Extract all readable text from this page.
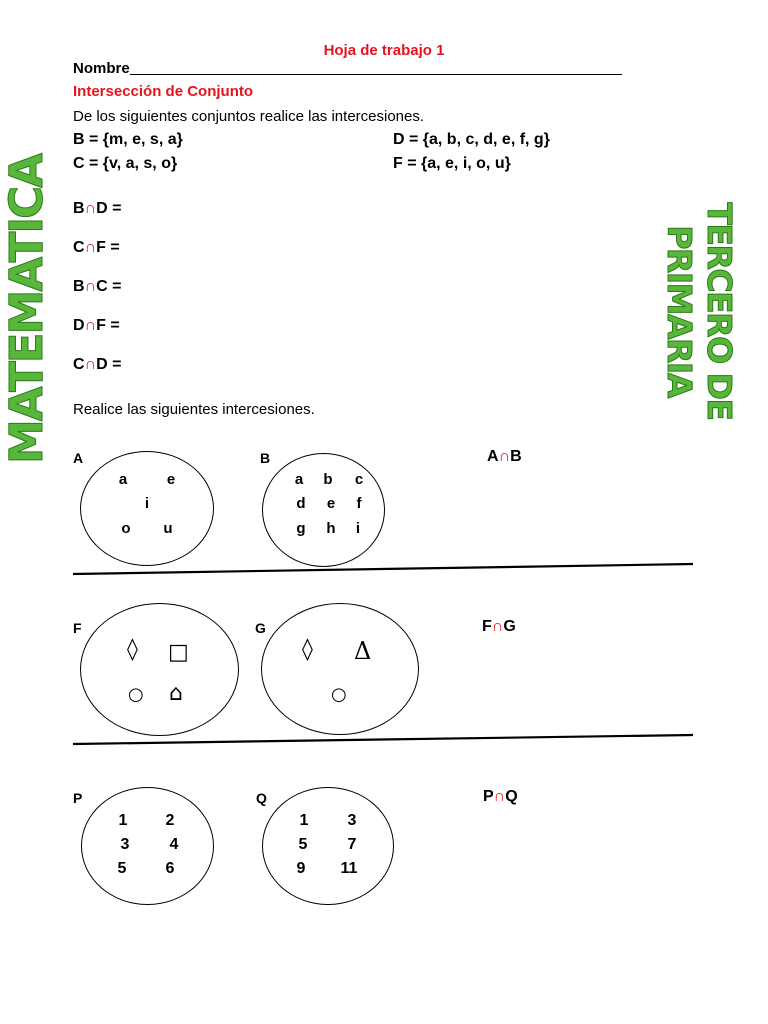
Hoja de trabajo 1
Nombre
Intersección de Conjunto
De los siguientes conjuntos realice las intercesiones.
B = {m, e, s, a}
C = {v, a, s, o}
D = {a, b, c, d, e, f, g}
F = {a, e, i, o, u}
B∩D =
C∩F =
B∩C =
D∩F =
C∩D =
Realice las siguientes intercesiones.
MATEMATICA	TERCERO DE PRIMARIA
A
a	e
i
o	u
B
a	b	c
d	e	f
g	h	i
A∩B
F
◊ □
○ ⌂
G
◊ Δ
○
F∩G
P
1	2
3	4
5	6
Q
1	3
5	7
9	11
P∩Q
